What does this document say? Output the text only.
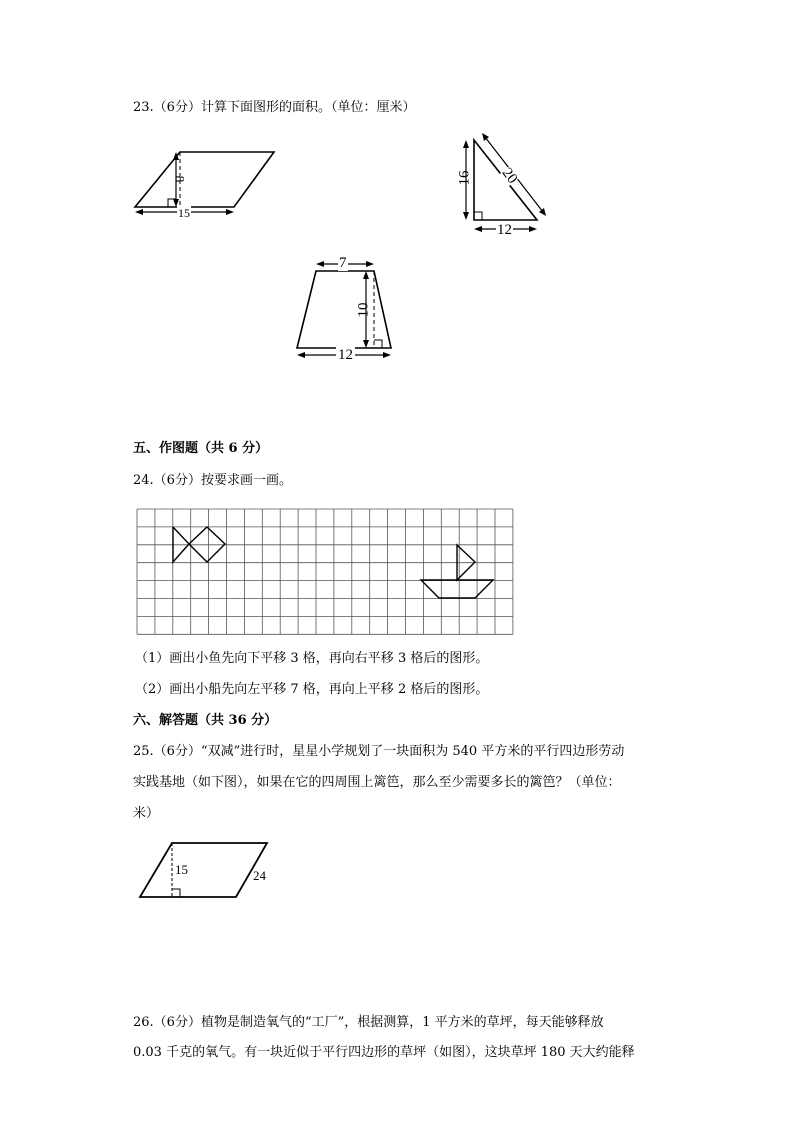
23.（6分）计算下面图形的面积。（单位：厘米）
8
15
16 20
12
7
10
12
五、作图题（共 6 分）
24.（6分）按要求画一画。
（1）画出小鱼先向下平移 3 格，再向右平移 3 格后的图形。
（2）画出小船先向左平移 7 格，再向上平移 2 格后的图形。
六、解答题（共 36 分）
25.（6分）“双减”进行时，星星小学规划了一块面积为 540 平方米的平行四边形劳动
实践基地（如下图），如果在它的四周围上篱笆，那么至少需要多长的篱笆？（单位：
米）
15	24
26.（6分）植物是制造氧气的“工厂”，根据测算，1 平方米的草坪，每天能够释放
0.03 千克的氧气。有一块近似于平行四边形的草坪（如图），这块草坪 180 天大约能释
